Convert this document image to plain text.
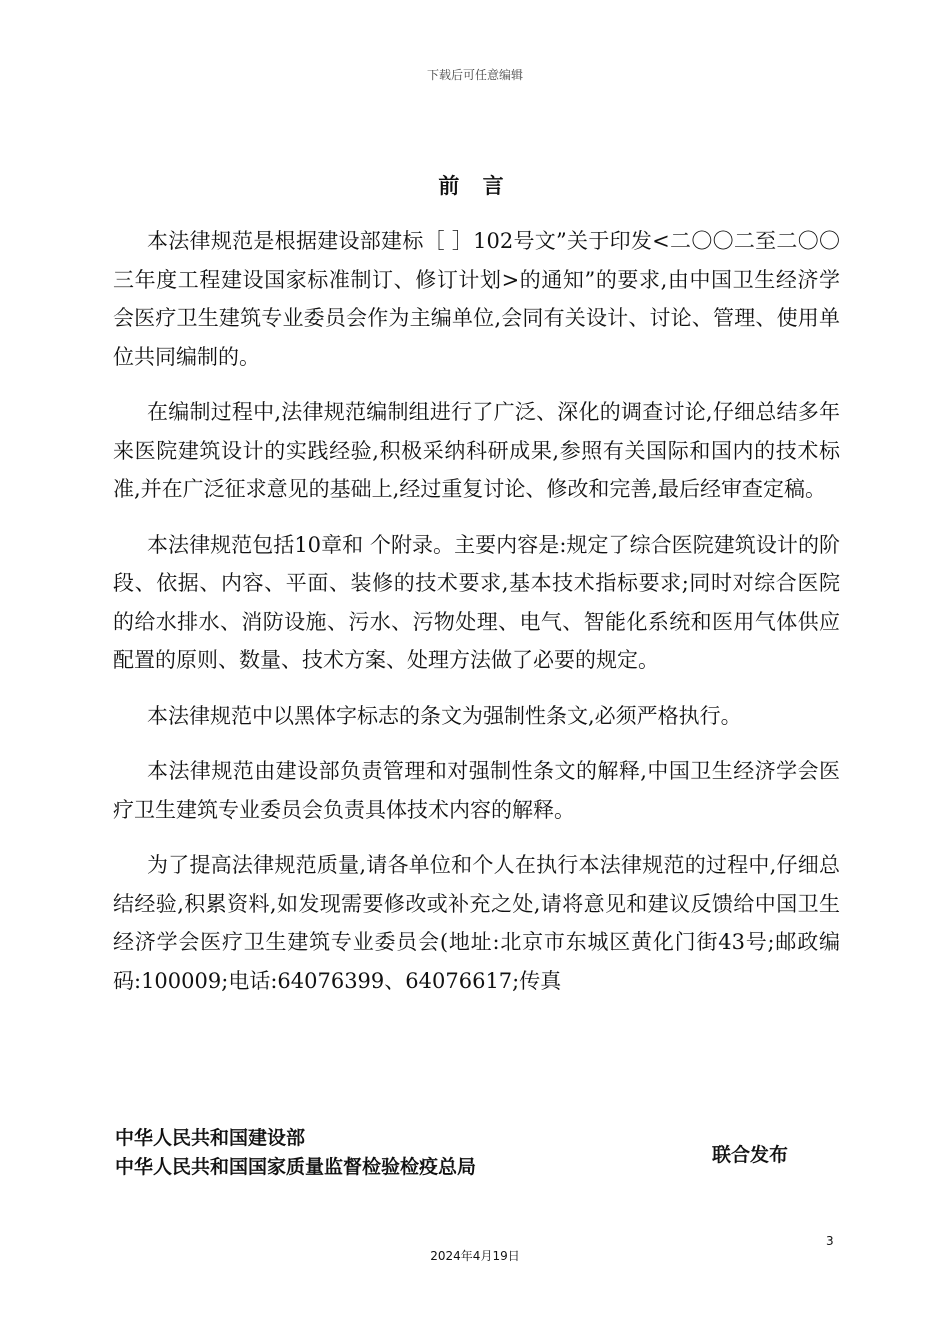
下载后可任意编辑
前 言

本法律规范是根据建设部建标［ ］102号文”关于印发<二〇〇二至二〇〇三年度工程建设国家标准制订、修订计划>的通知”的要求,由中国卫生经济学会医疗卫生建筑专业委员会作为主编单位,会同有关设计、讨论、管理、使用单位共同编制的。

在编制过程中,法律规范编制组进行了广泛、深化的调查讨论,仔细总结多年来医院建筑设计的实践经验,积极采纳科研成果,参照有关国际和国内的技术标准,并在广泛征求意见的基础上,经过重复讨论、修改和完善,最后经审查定稿。

本法律规范包括10章和 个附录。主要内容是:规定了综合医院建筑设计的阶段、依据、内容、平面、装修的技术要求,基本技术指标要求;同时对综合医院的给水排水、消防设施、污水、污物处理、电气、智能化系统和医用气体供应配置的原则、数量、技术方案、处理方法做了必要的规定。

本法律规范中以黑体字标志的条文为强制性条文,必须严格执行。

本法律规范由建设部负责管理和对强制性条文的解释,中国卫生经济学会医疗卫生建筑专业委员会负责具体技术内容的解释。

为了提高法律规范质量,请各单位和个人在执行本法律规范的过程中,仔细总结经验,积累资料,如发现需要修改或补充之处,请将意见和建议反馈给中国卫生经济学会医疗卫生建筑专业委员会(地址:北京市东城区黄化门街43号;邮政编码:100009;电话:64076399、64076617;传真

中华人民共和国建设部
中华人民共和国国家质量监督检验检疫总局
联合发布
3
2024年4月19日
